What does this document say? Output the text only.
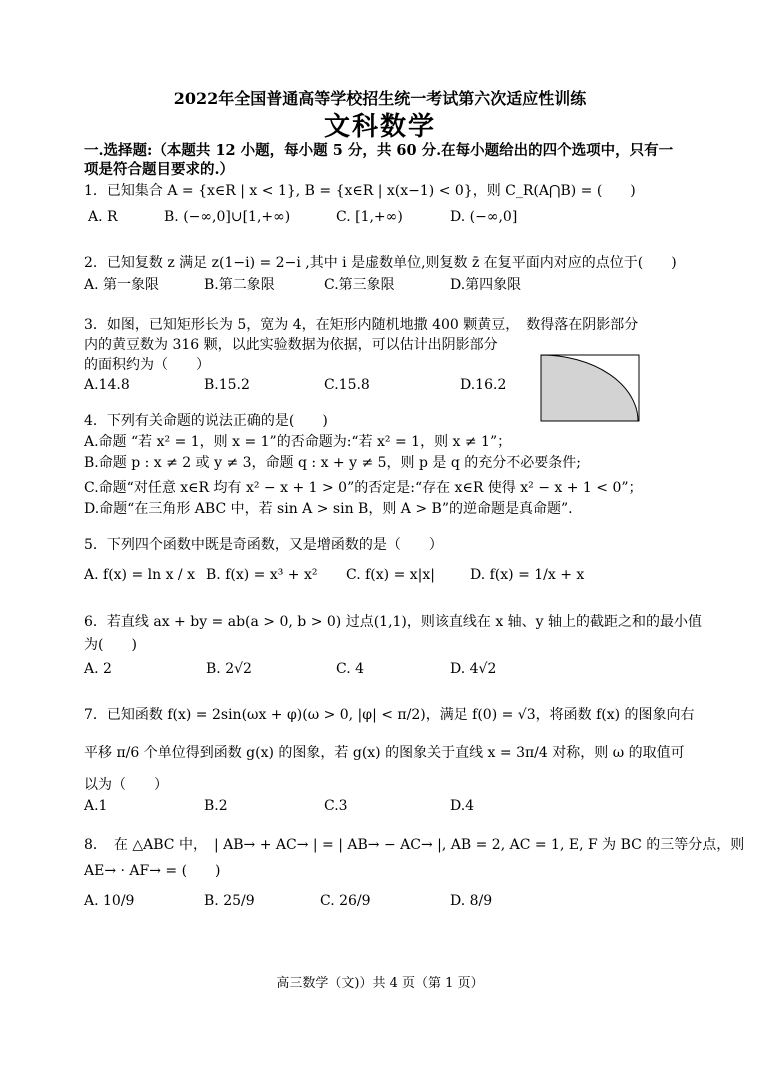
2022年全国普通高等学校招生统一考试第六次适应性训练
文科数学
一.选择题:（本题共 12 小题，每小题 5 分，共 60 分.在每小题给出的四个选项中，只有一
项是符合题目要求的.）
1．已知集合 A = {x∈R | x < 1}, B = {x∈R | x(x−1) < 0}，则 C_R(A⋂B) = (　　)
A. R	B. (−∞,0]∪[1,+∞)	C. [1,+∞)	D. (−∞,0]
2．已知复数 z 满足 z(1−i) = 2−i ,其中 i 是虚数单位,则复数 z̄ 在复平面内对应的点位于(　　)
A. 第一象限	B.第二象限	C.第三象限	D.第四象限
3．如图，已知矩形长为 5，宽为 4，在矩形内随机地撒 400 颗黄豆，　数得落在阴影部分
内的黄豆数为 316 颗，以此实验数据为依据，可以估计出阴影部分
的面积约为（　　）
A.14.8	B.15.2	C.15.8	D.16.2
4．下列有关命题的说法正确的是(　　)
A.命题 “若 x² = 1，则 x = 1”的否命题为:“若 x² = 1，则 x ≠ 1”；
B.命题 p : x ≠ 2 或 y ≠ 3，命题 q : x + y ≠ 5，则 p 是 q 的充分不必要条件;
C.命题“对任意 x∈R 均有 x² − x + 1 > 0”的否定是:“存在 x∈R 使得 x² − x + 1 < 0”；
D.命题“在三角形 ABC 中，若 sin A > sin B，则 A > B”的逆命题是真命题”.
5．下列四个函数中既是奇函数，又是增函数的是（　　）
A. f(x) = ln x / x B. f(x) = x³ + x² C. f(x) = x|x|	D. f(x) = 1/x + x
6．若直线 ax + by = ab(a > 0, b > 0) 过点(1,1)，则该直线在 x 轴、y 轴上的截距之和的最小值
为(　　)
A. 2	B. 2√2	C. 4	D. 4√2
7．已知函数 f(x) = 2sin(ωx + φ)(ω > 0, |φ| < π/2)，满足 f(0) = √3，将函数 f(x) 的图象向右
平移 π/6 个单位得到函数 g(x) 的图象，若 g(x) 的图象关于直线 x = 3π/4 对称，则 ω 的取值可
以为（　　）
A.1	B.2	C.3	D.4
8．　在 △ABC 中，　| AB→ + AC→ | = | AB→ − AC→ |, AB = 2, AC = 1, E, F 为 BC 的三等分点，则
AE→ · AF→ = (　　)
A. 10/9	B. 25/9	C. 26/9	D. 8/9
高三数学（文)）共 4 页（第 1 页）
